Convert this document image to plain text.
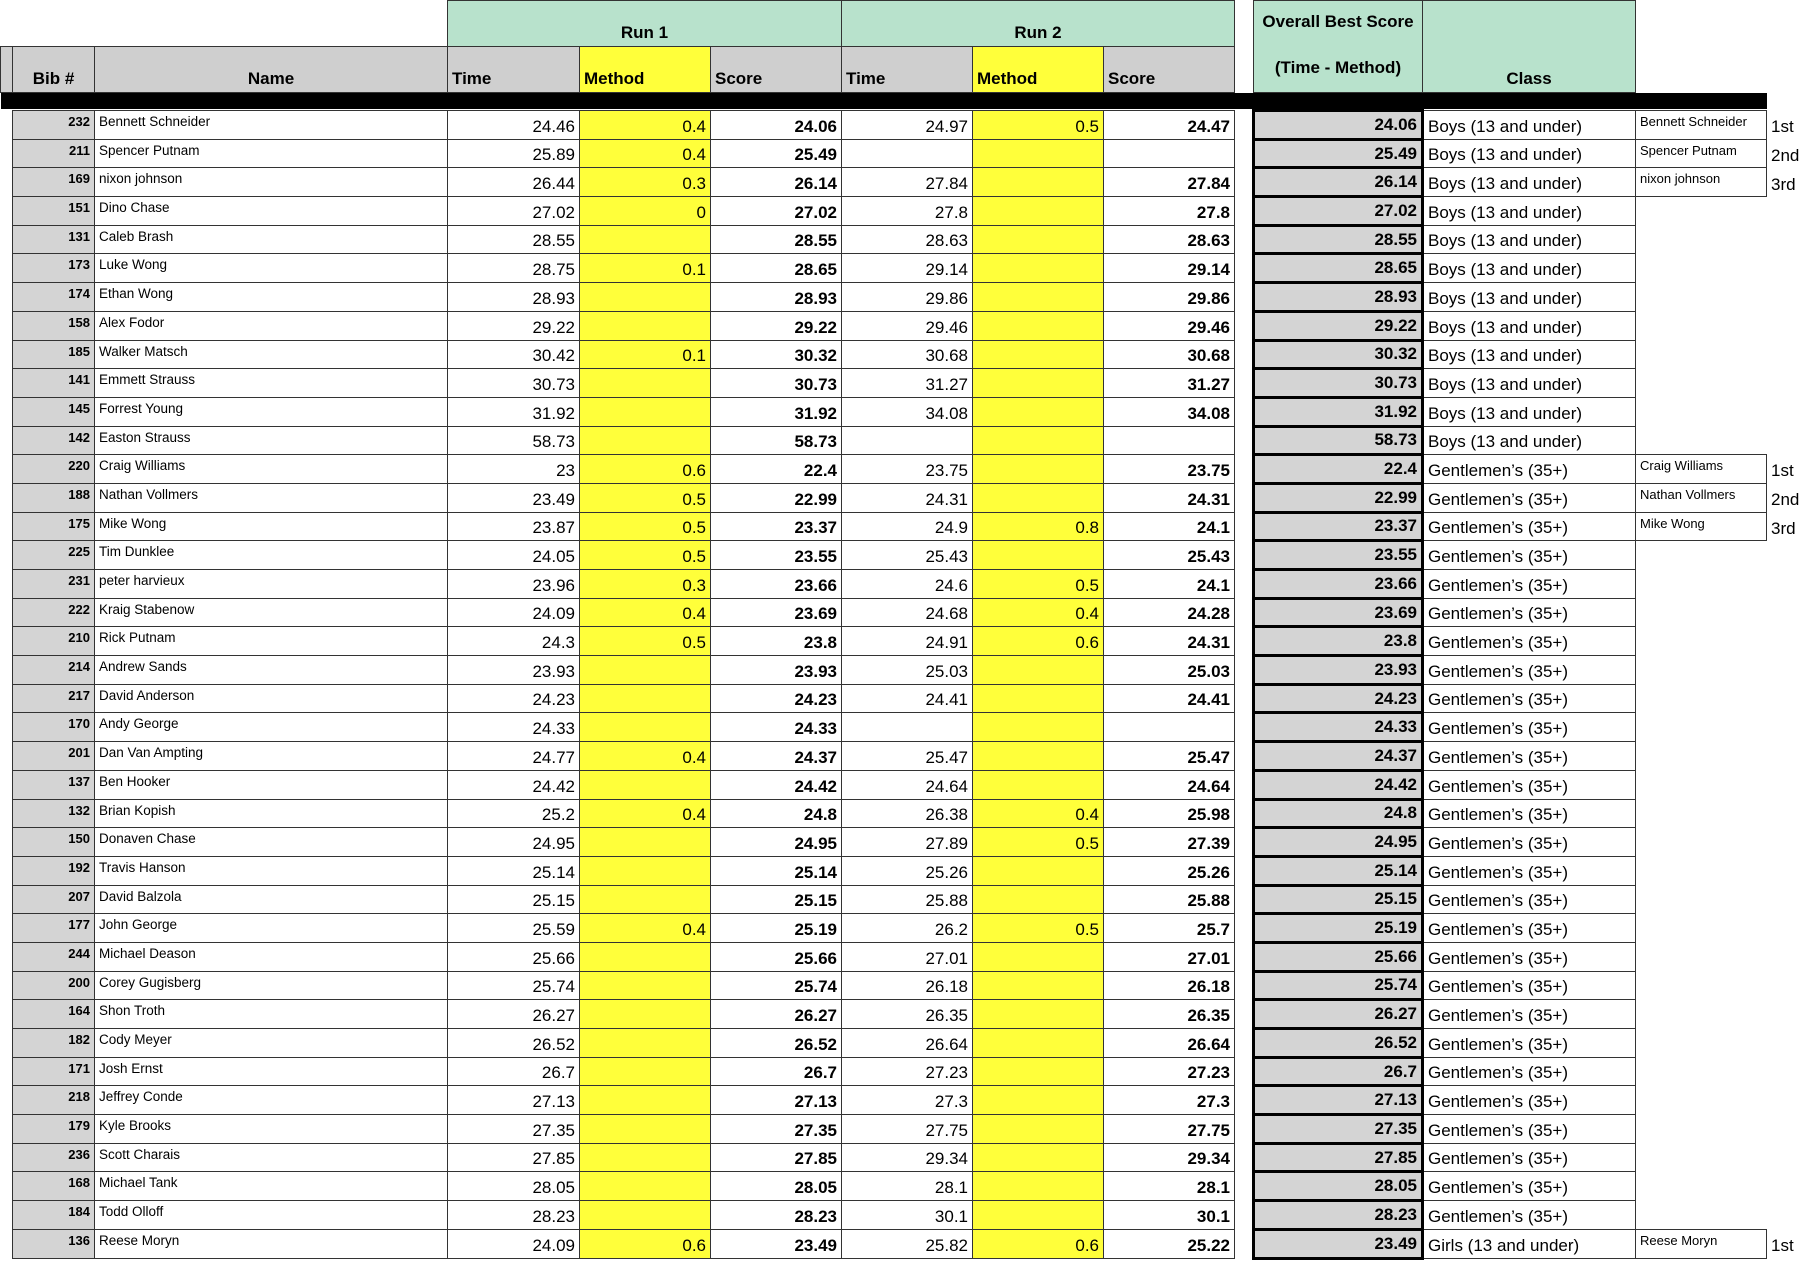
			Run 1			Run 2				Overall Best Score
(Time - Method)	Class		
	Bib #	Name	Time	Method	Score	Time	Method	Score					

	232	Bennett Schneider	24.46	0.4	24.06	24.97	0.5	24.47		24.06	Boys (13 and under)	Bennett Schneider	1st
	211	Spencer Putnam	25.89	0.4	25.49					25.49	Boys (13 and under)	Spencer Putnam	2nd
	169	nixon johnson	26.44	0.3	26.14	27.84		27.84		26.14	Boys (13 and under)	nixon johnson	3rd
	151	Dino Chase	27.02	0	27.02	27.8		27.8		27.02	Boys (13 and under)		
	131	Caleb Brash	28.55		28.55	28.63		28.63		28.55	Boys (13 and under)		
	173	Luke Wong	28.75	0.1	28.65	29.14		29.14		28.65	Boys (13 and under)		
	174	Ethan Wong	28.93		28.93	29.86		29.86		28.93	Boys (13 and under)		
	158	Alex Fodor	29.22		29.22	29.46		29.46		29.22	Boys (13 and under)		
	185	Walker Matsch	30.42	0.1	30.32	30.68		30.68		30.32	Boys (13 and under)		
	141	Emmett Strauss	30.73		30.73	31.27		31.27		30.73	Boys (13 and under)		
	145	Forrest Young	31.92		31.92	34.08		34.08		31.92	Boys (13 and under)		
	142	Easton Strauss	58.73		58.73					58.73	Boys (13 and under)		
	220	Craig Williams	23	0.6	22.4	23.75		23.75		22.4	Gentlemen’s (35+)	Craig Williams	1st
	188	Nathan Vollmers	23.49	0.5	22.99	24.31		24.31		22.99	Gentlemen’s (35+)	Nathan Vollmers	2nd
	175	Mike Wong	23.87	0.5	23.37	24.9	0.8	24.1		23.37	Gentlemen’s (35+)	Mike Wong	3rd
	225	Tim Dunklee	24.05	0.5	23.55	25.43		25.43		23.55	Gentlemen’s (35+)		
	231	peter harvieux	23.96	0.3	23.66	24.6	0.5	24.1		23.66	Gentlemen’s (35+)		
	222	Kraig Stabenow	24.09	0.4	23.69	24.68	0.4	24.28		23.69	Gentlemen’s (35+)		
	210	Rick Putnam	24.3	0.5	23.8	24.91	0.6	24.31		23.8	Gentlemen’s (35+)		
	214	Andrew Sands	23.93		23.93	25.03		25.03		23.93	Gentlemen’s (35+)		
	217	David Anderson	24.23		24.23	24.41		24.41		24.23	Gentlemen’s (35+)		
	170	Andy George	24.33		24.33					24.33	Gentlemen’s (35+)		
	201	Dan Van Ampting	24.77	0.4	24.37	25.47		25.47		24.37	Gentlemen’s (35+)		
	137	Ben Hooker	24.42		24.42	24.64		24.64		24.42	Gentlemen’s (35+)		
	132	Brian Kopish	25.2	0.4	24.8	26.38	0.4	25.98		24.8	Gentlemen’s (35+)		
	150	Donaven Chase	24.95		24.95	27.89	0.5	27.39		24.95	Gentlemen’s (35+)		
	192	Travis Hanson	25.14		25.14	25.26		25.26		25.14	Gentlemen’s (35+)		
	207	David Balzola	25.15		25.15	25.88		25.88		25.15	Gentlemen’s (35+)		
	177	John George	25.59	0.4	25.19	26.2	0.5	25.7		25.19	Gentlemen’s (35+)		
	244	Michael Deason	25.66		25.66	27.01		27.01		25.66	Gentlemen’s (35+)		
	200	Corey Gugisberg	25.74		25.74	26.18		26.18		25.74	Gentlemen’s (35+)		
	164	Shon Troth	26.27		26.27	26.35		26.35		26.27	Gentlemen’s (35+)		
	182	Cody Meyer	26.52		26.52	26.64		26.64		26.52	Gentlemen’s (35+)		
	171	Josh Ernst	26.7		26.7	27.23		27.23		26.7	Gentlemen’s (35+)		
	218	Jeffrey Conde	27.13		27.13	27.3		27.3		27.13	Gentlemen’s (35+)		
	179	Kyle Brooks	27.35		27.35	27.75		27.75		27.35	Gentlemen’s (35+)		
	236	Scott Charais	27.85		27.85	29.34		29.34		27.85	Gentlemen’s (35+)		
	168	Michael Tank	28.05		28.05	28.1		28.1		28.05	Gentlemen’s (35+)		
	184	Todd Olloff	28.23		28.23	30.1		30.1		28.23	Gentlemen’s (35+)		
	136	Reese Moryn	24.09	0.6	23.49	25.82	0.6	25.22		23.49	Girls (13 and under)	Reese Moryn	1st
